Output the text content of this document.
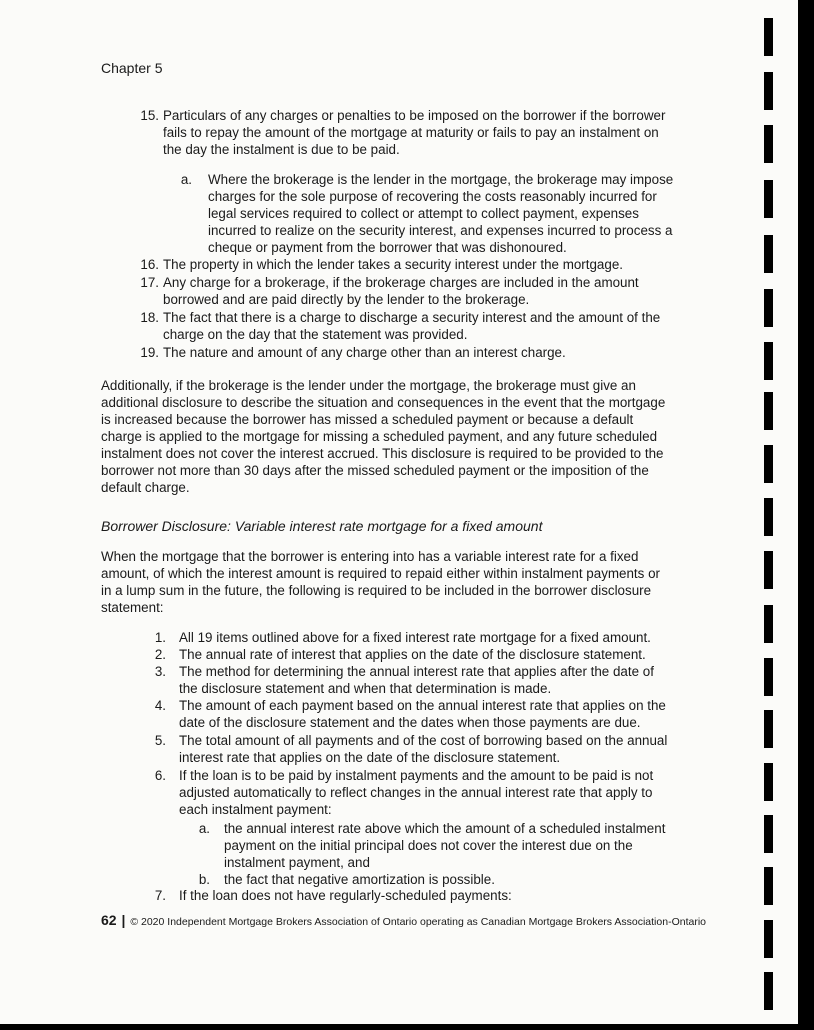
Chapter 5
15. Particulars of any charges or penalties to be imposed on the borrower if the borrower
fails to repay the amount of the mortgage at maturity or fails to pay an instalment on
the day the instalment is due to be paid.
a. Where the brokerage is the lender in the mortgage, the brokerage may impose
charges for the sole purpose of recovering the costs reasonably incurred for
legal services required to collect or attempt to collect payment, expenses
incurred to realize on the security interest, and expenses incurred to process a
cheque or payment from the borrower that was dishonoured.
16. The property in which the lender takes a security interest under the mortgage.
17. Any charge for a brokerage, if the brokerage charges are included in the amount
borrowed and are paid directly by the lender to the brokerage.
18. The fact that there is a charge to discharge a security interest and the amount of the
charge on the day that the statement was provided.
19. The nature and amount of any charge other than an interest charge.
Additionally, if the brokerage is the lender under the mortgage, the brokerage must give an
additional disclosure to describe the situation and consequences in the event that the mortgage
is increased because the borrower has missed a scheduled payment or because a default
charge is applied to the mortgage for missing a scheduled payment, and any future scheduled
instalment does not cover the interest accrued. This disclosure is required to be provided to the
borrower not more than 30 days after the missed scheduled payment or the imposition of the
default charge.
Borrower Disclosure: Variable interest rate mortgage for a fixed amount
When the mortgage that the borrower is entering into has a variable interest rate for a fixed
amount, of which the interest amount is required to repaid either within instalment payments or
in a lump sum in the future, the following is required to be included in the borrower disclosure
statement:
1. All 19 items outlined above for a fixed interest rate mortgage for a fixed amount.
2. The annual rate of interest that applies on the date of the disclosure statement.
3. The method for determining the annual interest rate that applies after the date of
the disclosure statement and when that determination is made.
4. The amount of each payment based on the annual interest rate that applies on the
date of the disclosure statement and the dates when those payments are due.
5. The total amount of all payments and of the cost of borrowing based on the annual
interest rate that applies on the date of the disclosure statement.
6. If the loan is to be paid by instalment payments and the amount to be paid is not
adjusted automatically to reflect changes in the annual interest rate that apply to
each instalment payment:
a. the annual interest rate above which the amount of a scheduled instalment
payment on the initial principal does not cover the interest due on the
instalment payment, and
b. the fact that negative amortization is possible.
7. If the loan does not have regularly-scheduled payments:
62 | © 2020 Independent Mortgage Brokers Association of Ontario operating as Canadian Mortgage Brokers Association-Ontario
